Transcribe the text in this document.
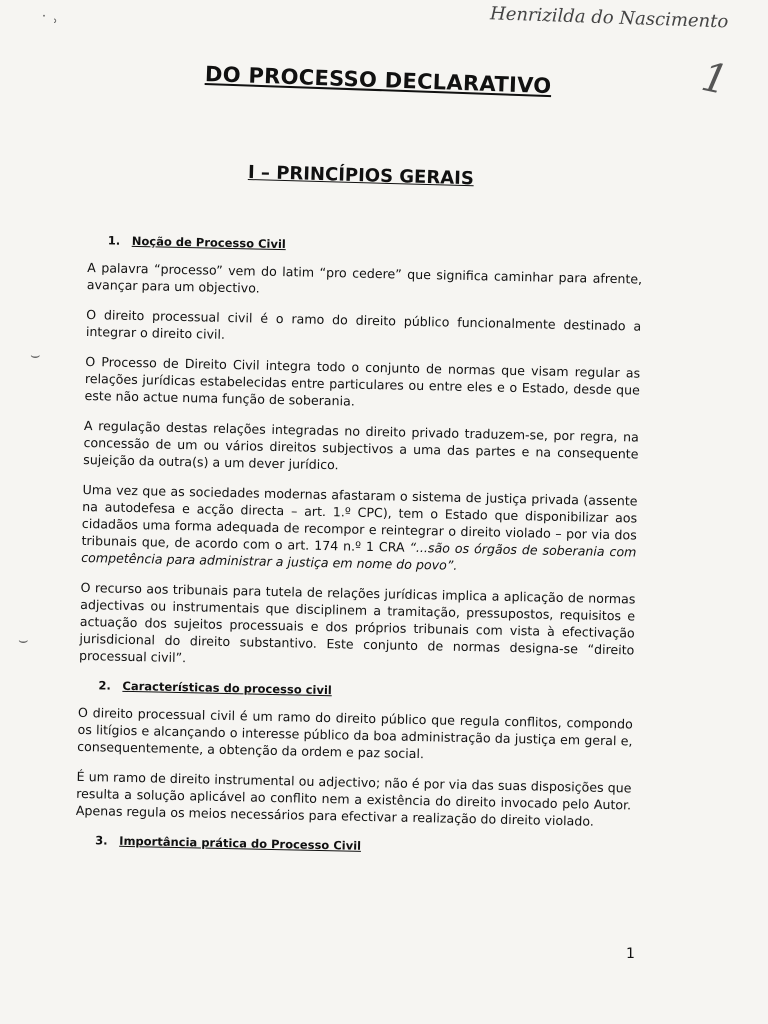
Henrizilda do Nascimento
1
˙ ˒
⌣
⌣
DO PROCESSO DECLARATIVO
I – PRINCÍPIOS GERAIS
1. Noção de Processo Civil

A palavra “processo” vem do latim “pro cedere” que significa caminhar para afrente, avançar para um objectivo.

O direito processual civil é o ramo do direito público funcionalmente destinado a integrar o direito civil.

O Processo de Direito Civil integra todo o conjunto de normas que visam regular as relações jurídicas estabelecidas entre particulares ou entre eles e o Estado, desde que este não actue numa função de soberania.

A regulação destas relações integradas no direito privado traduzem-se, por regra, na concessão de um ou vários direitos subjectivos a uma das partes e na consequente sujeição da outra(s) a um dever jurídico.

Uma vez que as sociedades modernas afastaram o sistema de justiça privada (assente na autodefesa e acção directa – art. 1.º CPC), tem o Estado que disponibilizar aos cidadãos uma forma adequada de recompor e reintegrar o direito violado – por via dos tribunais que, de acordo com o art. 174 n.º 1 CRA “...são os órgãos de soberania com competência para administrar a justiça em nome do povo”.

O recurso aos tribunais para tutela de relações jurídicas implica a aplicação de normas adjectivas ou instrumentais que disciplinem a tramitação, pressupostos, requisitos e actuação dos sujeitos processuais e dos próprios tribunais com vista à efectivação jurisdicional do direito substantivo. Este conjunto de normas designa-se “direito processual civil”.

2. Características do processo civil

O direito processual civil é um ramo do direito público que regula conflitos, compondo os litígios e alcançando o interesse público da boa administração da justiça em geral e, consequentemente, a obtenção da ordem e paz social.

É um ramo de direito instrumental ou adjectivo; não é por via das suas disposições que resulta a solução aplicável ao conflito nem a existência do direito invocado pelo Autor. Apenas regula os meios necessários para efectivar a realização do direito violado.

3. Importância prática do Processo Civil
1
